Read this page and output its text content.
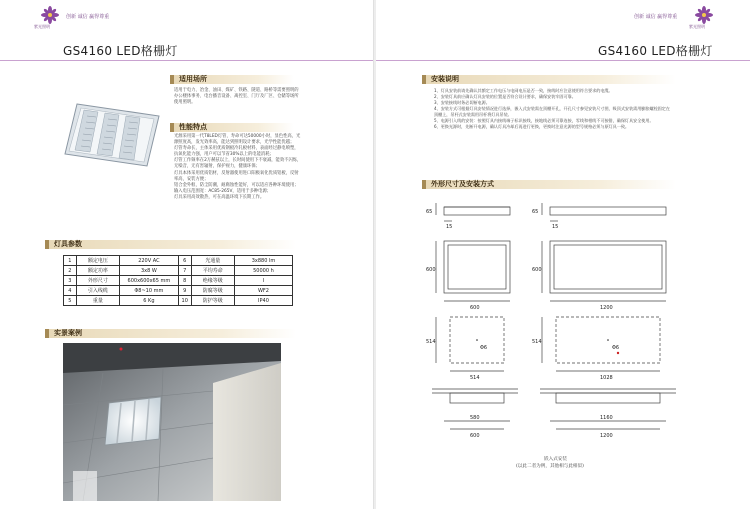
紫光照明
创新 诚信 赢得尊重
GS4160 LED格栅灯
适用场所
适用于电力、冶金、油田、煤矿、铁路、隧道、路桥等需要照明的办公楼体事务、电台播音设备、离控室、门厅及厂区、仓储等场所使用照明。
性能特点
光源采用第一代T8LED灯管，寿命可达50000小时，显色性高，光源照度高，发光效率高，能达到照明设计要求，光学性能优越；
灯管寿命长，主体采用优质钢板冷轧板材料，表面经过静电喷塑，抗氧化能力强，用户可以节省30%以上的电能消耗；
灯管工作频率在2万赫兹以上，长时间使用下不衰减，能效不闪烁，无噪音，无有害辐射，保护视力，健康环保；
灯具本体采用优质铝材，反射器使用进口阳极氧化优质铝板，反射率高，安装方便；
铝合金外框，防尘防潮，耐腐蚀性能好，可以适应各种环境使用；
输入电压范围宽：AC85-265V，适用于多种电源；
灯具采用高效散热，可在高温环境下长期工作。
灯具参数
1	额定电压	220V AC	6	光通量	3x880 lm
2	额定功率	3x8 W	7	平均寿命	50000 h
3	外形尺寸	600x600x65 mm	8	绝缘等级	I
4	引入线缆	Φ8~10 mm	9	防腐等级	WF2
5	重量	6 Kg	10	防护等级	IP40
实景案例
紫光照明
创新 诚信 赢得尊重
GS4160 LED格栅灯
安装说明
1、灯具安装前请先确认其额定工作电压与电网电压是否一致，接线时应注意使用符合要求的电缆。
2、安装灯具前应确认灯具安装的位置是否符合设计要求，确保安装牢固可靠。
3、安装接线时务必切断电源。
4、安装方式可根据灯具安装情况进行选择，嵌入式安装需在顶棚开孔，开孔尺寸参见安装尺寸图，吸顶式安装需用膨胀螺栓固定在顶棚上，吊杆式安装需用吊杆将灯具吊装。
5、电源引入线的安装：按照灯具内接线端子标识接线，接地线必须可靠连接，零线和相线不可接错，确保灯具安全使用。
6、更换光源时，先断开电源，确认灯具冷却后再进行更换，更换时注意光源的型号规格必须与原灯具一致。
外形尺寸及安装方式
65
15
65
15
600
600
600
1200
514
514
Φ6
514
1028
Φ6
580
600
1160
1200
嵌入式安装
(以此二者为例，其他相与此相似)
